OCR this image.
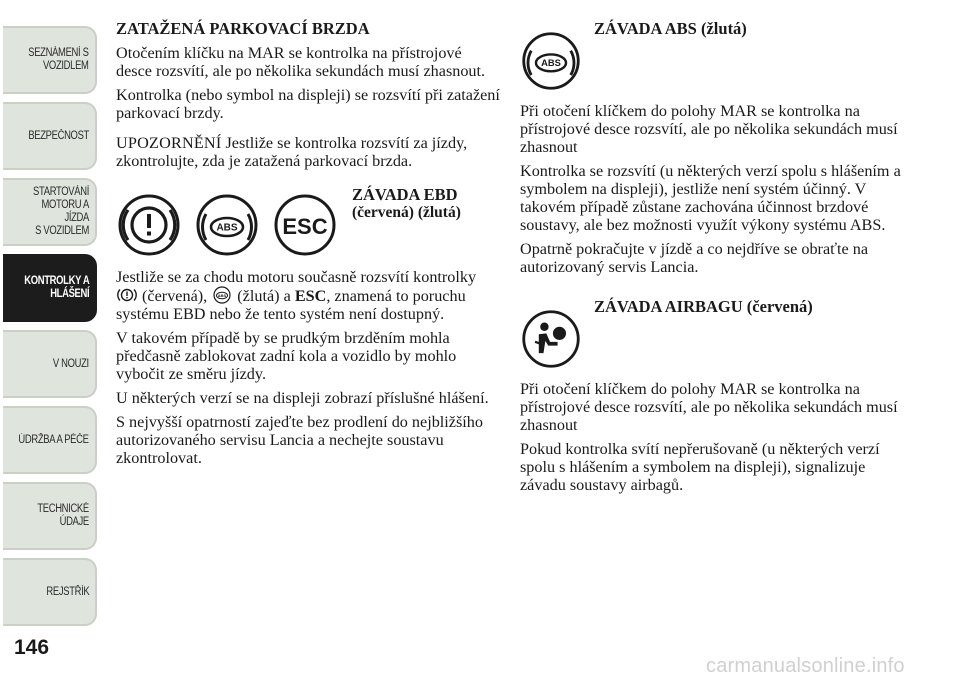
SEZNÁMENÍ S
VOZIDLEM
BEZPEČNOST
STARTOVÁNÍ
MOTORU A JÍZDA
S VOZIDLEM
KONTROLKY A
HLÁŠENÍ
V NOUZI
ÚDRŽBA A PÉČE
TECHNICKÉ
ÚDAJE
REJSTŘÍK
146

ZATAŽENÁ PARKOVACÍ BRZDA

Otočením klíčku na MAR se kontrolka na přístrojové desce rozsvítí, ale po několika sekundách musí zhasnout.

Kontrolka (nebo symbol na displeji) se rozsvítí při zatažení parkovací brzdy.

UPOZORNĚNÍ Jestliže se kontrolka rozsvítí za jízdy, zkontrolujte, zda je zatažená parkovací brzda.

ABS ESC

ZÁVADA EBD

(červená) (žlutá)

Jestliže se za chodu motoru současně rozsvítí kontrolky  (červená), ABS (žlutá) a ESC, znamená to poruchu systému EBD nebo že tento systém není dostupný.

V takovém případě by se prudkým brzděním mohla předčasně zablokovat zadní kola a vozidlo by mohlo vybočit ze směru jízdy.

U některých verzí se na displeji zobrazí příslušné hlášení.

S nejvyšší opatrností zajeďte bez prodlení do nejbližšího autorizovaného servisu Lancia a nechejte soustavu zkontrolovat.

ABS

ZÁVADA ABS (žlutá)

Při otočení klíčkem do polohy MAR se kontrolka na přístrojové desce rozsvítí, ale po několika sekundách musí zhasnout

Kontrolka se rozsvítí (u některých verzí spolu s hlášením a symbolem na displeji), jestliže není systém účinný. V takovém případě zůstane zachována účinnost brzdové soustavy, ale bez možnosti využít výkony systému ABS.

Opatrně pokračujte v jízdě a co nejdříve se obraťte na autorizovaný servis Lancia.

ZÁVADA AIRBAGU (červená)

Při otočení klíčkem do polohy MAR se kontrolka na přístrojové desce rozsvítí, ale po několika sekundách musí zhasnout

Pokud kontrolka svítí nepřerušovaně (u některých verzí spolu s hlášením a symbolem na displeji), signalizuje závadu soustavy airbagů.

carmanualsonline.info
